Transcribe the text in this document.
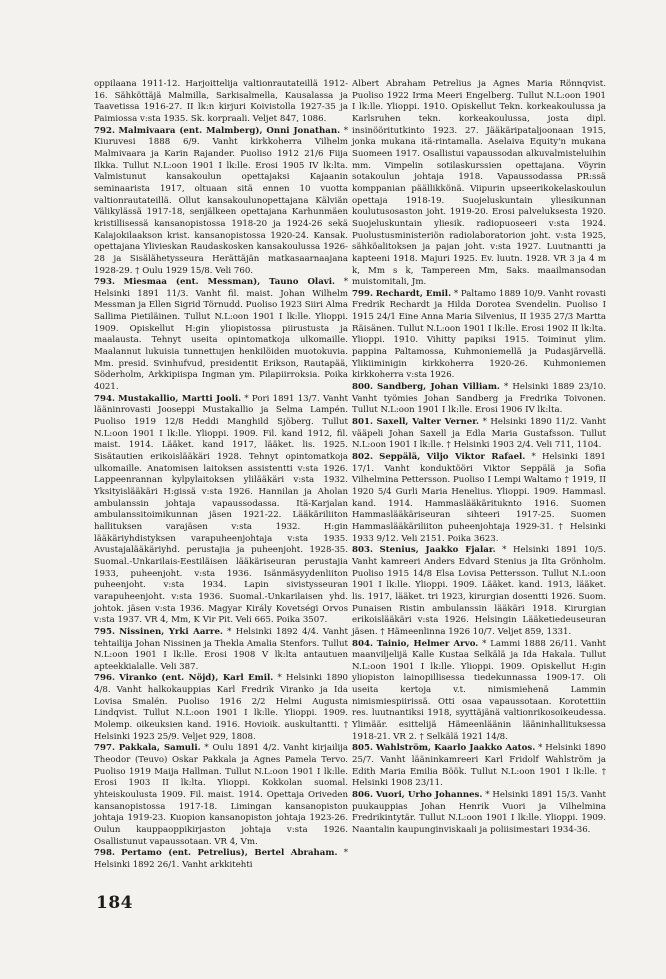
oppilaana 1911-12. Harjoittelija valtionrautateillä 1912-16. Sähköttäjä Malmilla, Sarkisalmella, Kausalassa ja Taavetissa 1916-27. II lk:n kirjuri Koivistolla 1927-35 ja Paimiossa v:sta 1935. Sk. korpraali. Veljet 847, 1086.

792. Malmivaara (ent. Malmberg), Onni Jonathan. * Kiuruvesi 1888 6/9. Vanht kirkkoherra Vilhelm Malmivaara ja Karin Rajander. Puoliso 1912 21/6 Fiija Ilkka. Tullut N.L:oon 1901 I lk:lle. Erosi 1905 IV lk:lta. Valmistunut kansakoulun opettajaksi Kajaanin seminaarista 1917, oltuaan sitä ennen 10 vuotta valtionrautateillä. Ollut kansakoulunopettajana Kälviän Välikylässä 1917-18, senjälkeen opettajana Karhunmäen kristillisessä kansanopistossa 1918-20 ja 1924-26 sekä Kalajokilaakson krist. kansanopistossa 1920-24. Kansak. opettajana Ylivieskan Raudaskosken kansakoulussa 1926-28 ja Sisälähetysseura Herättäjän matkasaarnaajana 1928-29. † Oulu 1929 15/8. Veli 760.

793. Miesmaa (ent. Messman), Tauno Olavi. * Helsinki 1891 11/3. Vanht fil. maist. Johan Wilhelm Messman ja Ellen Sigrid Törnudd. Puoliso 1923 Siiri Alma Sallima Pietiläinen. Tullut N.L:oon 1901 I lk:lle. Ylioppi. 1909. Opiskellut H:gin yliopistossa piirustusta ja maalausta. Tehnyt useita opintomatkoja ulkomaille. Maalannut lukuisia tunnettujen henkilöiden muotokuvia. Mm. presid. Svinhufvud, presidentit Erikson, Rautapää, Söderholm, Arkkipiispa Ingman ym. Pilapiirroksia. Poika 4021.

794. Mustakallio, Martti Jooli. * Pori 1891 13/7. Vanht lääninrovasti Jooseppi Mustakallio ja Selma Lampén. Puoliso 1919 12/8 Heddi Manghild Sjöberg. Tullut N.L:oon 1901 I lk:lle. Ylioppi. 1909. Fil. kand 1912, fil. maist. 1914. Lääket. kand 1917, lääket. lis. 1925. Sisätautien erikoislääkäri 1928. Tehnyt opintomatkoja ulkomaille. Anatomisen laitoksen assistentti v:sta 1926. Lappeenrannan kylpylaitoksen ylilääkäri v:sta 1932. Yksityislääkäri H:gissä v:sta 1926. Hannilan ja Aholan ambulanssin johtaja vapaussodassa. Itä-Karjalan ambulanssitoimikunnan jäsen 1921-22. Lääkäriliiton hallituksen varajäsen v:sta 1932. H:gin lääkäriyhdistyksen varapuheenjohtaja v:sta 1935. Avustajalääkäriyhd. perustajia ja puheenjoht. 1928-35. Suomal.-Unkarilais-Eestiläisen lääkäriseuran perustajia 1933, puheenjoht. v:sta 1936. Isänmäsyydenliiton puheenjoht. v:sta 1934. Lapin sivistysseuran varapuheenjoht. v:sta 1936. Suomal.-Unkarilaisen yhd. johtok. jäsen v:sta 1936. Magyar Király Kovetségi Orvos v:sta 1937. VR 4, Mm, K Vir Pit. Veli 665. Poika 3507.

795. Nissinen, Yrki Aarre. * Helsinki 1892 4/4. Vanht tehtailija Johan Nissinen ja Thekla Amalia Stenfors. Tullut N.L:oon 1901 I lk:lle. Erosi 1908 V lk:lta antautuen apteekkialalle. Veli 387.

796. Viranko (ent. Nöjd), Karl Emil. * Helsinki 1890 4/8. Vanht halkokauppias Karl Fredrik Viranko ja Ida Lovisa Smalén. Puoliso 1916 2/2 Helmi Augusta Lindqvist. Tullut N.L:oon 1901 I lk:lle. Ylioppi. 1909. Molemp. oikeuksien kand. 1916. Hovioik. auskultantti. † Helsinki 1923 25/9. Veljet 929, 1808.

797. Pakkala, Samuli. * Oulu 1891 4/2. Vanht kirjailija Theodor (Teuvo) Oskar Pakkala ja Agnes Pamela Tervo. Puoliso 1919 Maija Hallman. Tullut N.L:oon 1901 I lk:lle. Erosi 1903 II lk:lta. Ylioppi. Kokkolan suomal. yhteiskoulusta 1909. Fil. maist. 1914. Opettaja Oriveden kansanopistossa 1917-18. Limingan kansanopiston johtaja 1919-23. Kuopion kansanopiston johtaja 1923-26. Oulun kauppaoppikirjaston johtaja v:sta 1926. Osallistunut vapaussotaan. VR 4, Vm.

798. Pertamo (ent. Petrelius), Bertel Abraham. * Helsinki 1892 26/1. Vanht arkkitehti

Albert Abraham Petrelius ja Agnes Maria Rönnqvist. Puoliso 1922 Irma Meeri Engelberg. Tullut N.L:oon 1901 I lk:lle. Ylioppi. 1910. Opiskellut Tekn. korkeakoulussa ja Karlsruhen tekn. korkeakoulussa, josta dipl. insinööritutkinto 1923. 27. Jääkäripataljoonaan 1915, jonka mukana itä-rintamalla. Aselaiva Equity'n mukana Suomeen 1917. Osallistui vapaussodan alkuvalmisteluihin mm. Vimpelin sotilaskurssien opettajana. Vöyrin sotakoulun johtaja 1918. Vapaussodassa PR:ssä komppanian päällikkönä. Viipurin upseerikokelaskoulun opettaja 1918-19. Suojeluskuntain yliesikunnan koulutusosaston joht. 1919-20. Erosi palveluksesta 1920. Suojeluskuntain yliesik. radiopuoseeri v:sta 1924. Puolustusministeriön radiolaboratorion joht. v:sta 1925, sähköalitoksen ja pajan joht. v:sta 1927. Luutnantti ja kapteeni 1918. Majuri 1925. Ev. luutn. 1928. VR 3 ja 4 m k, Mm s k, Tampereen Mm, Saks. maailmansodan muistomitali, Jm.

799. Rechardt, Emil. * Paltamo 1889 10/9. Vanht rovasti Fredrik Rechardt ja Hilda Dorotea Svendelin. Puoliso I 1915 24/1 Eine Anna Maria Silvenius, II 1935 27/3 Martta Räisänen. Tullut N.L:oon 1901 I lk:lle. Erosi 1902 II lk:lta. Ylioppi. 1910. Vihitty papiksi 1915. Toiminut ylim. pappina Paltamossa, Kuhmoniemellä ja Pudasjärvellä. Ylikiiminigin kirkkoherra 1920-26. Kuhmoniemen kirkkoherra v:sta 1926.

800. Sandberg, Johan Villiam. * Helsinki 1889 23/10. Vanht työmies Johan Sandberg ja Fredrika Toivonen. Tullut N.L:oon 1901 I lk:lle. Erosi 1906 IV lk:lta.

801. Saxell, Valter Verner. * Helsinki 1890 11/2. Vanht vääpeli Johan Saxell ja Edla Maria Gustafsson. Tullut N.L:oon 1901 I lk:lle. † Helsinki 1903 2/4. Veli 711, 1104.

802. Seppälä, Viljo Viktor Rafael. * Helsinki 1891 17/1. Vanht konduktööri Viktor Seppälä ja Sofia Vilhelmina Pettersson. Puoliso I Lempi Waltamo † 1919, II 1920 5/4 Gurli Maria Henelius. Ylioppi. 1909. Hammasl. kand. 1914. Hammaslääkärituknto 1916. Suomen Hammaslääkäriseuran sihteeri 1917-25. Suomen Hammaslääkäriliiton puheenjohtaja 1929-31. † Helsinki 1933 9/12. Veli 2151. Poika 3623.

803. Stenius, Jaakko Fjalar. * Helsinki 1891 10/5. Vanht kamreeri Anders Edvard Stenius ja Ilta Grönholm. Puoliso 1915 14/8 Elsa Lovisa Pettersson. Tullut N.L:oon 1901 I lk:lle. Ylioppi. 1909. Lääket. kand. 1913, lääket. lis. 1917, lääket. tri 1923, kirurgian dosentti 1926. Suom. Punaisen Ristin ambulanssin lääkäri 1918. Kirurgian erikoislääkäri v:sta 1926. Helsingin Lääketiedeuseuran jäsen. † Hämeenlinna 1926 10/7. Veljet 859, 1331.

804. Tainio, Helmer Arvo. * Lammi 1888 26/11. Vanht maanviljelijä Kalle Kustaa Selkälä ja Ida Hakala. Tullut N.L:oon 1901 I lk:lle. Ylioppi. 1909. Opiskellut H:gin yliopiston lainopillisessa tiedekunnassa 1909-17. Oli useita kertoja v.t. nimismiehenä Lammin nimismiespiirissä. Otti osaa vapaussotaan. Korotettiin res. luutnantiksi 1918, syyttäjänä valtionrikosoikeudessa. Ylimäär. esittelijä Hämeenläänin lääninhallituksessa 1918-21. VR 2. † Selkälä 1921 14/8.

805. Wahlström, Kaarlo Jaakko Aatos. * Helsinki 1890 25/7. Vanht lääninkamreeri Karl Fridolf Wahlström ja Edith Maria Emilia Böök. Tullut N.L:oon 1901 I lk:lle. † Helsinki 1908 23/11.

806. Vuori, Urho Johannes. * Helsinki 1891 15/3. Vanht puukauppias Johan Henrik Vuori ja Vilhelmina Fredrikintytär. Tullut N.L:oon 1901 I lk:lle. Ylioppi. 1909. Naantalin kaupunginviskaali ja poliisimestari 1934-36.

184
